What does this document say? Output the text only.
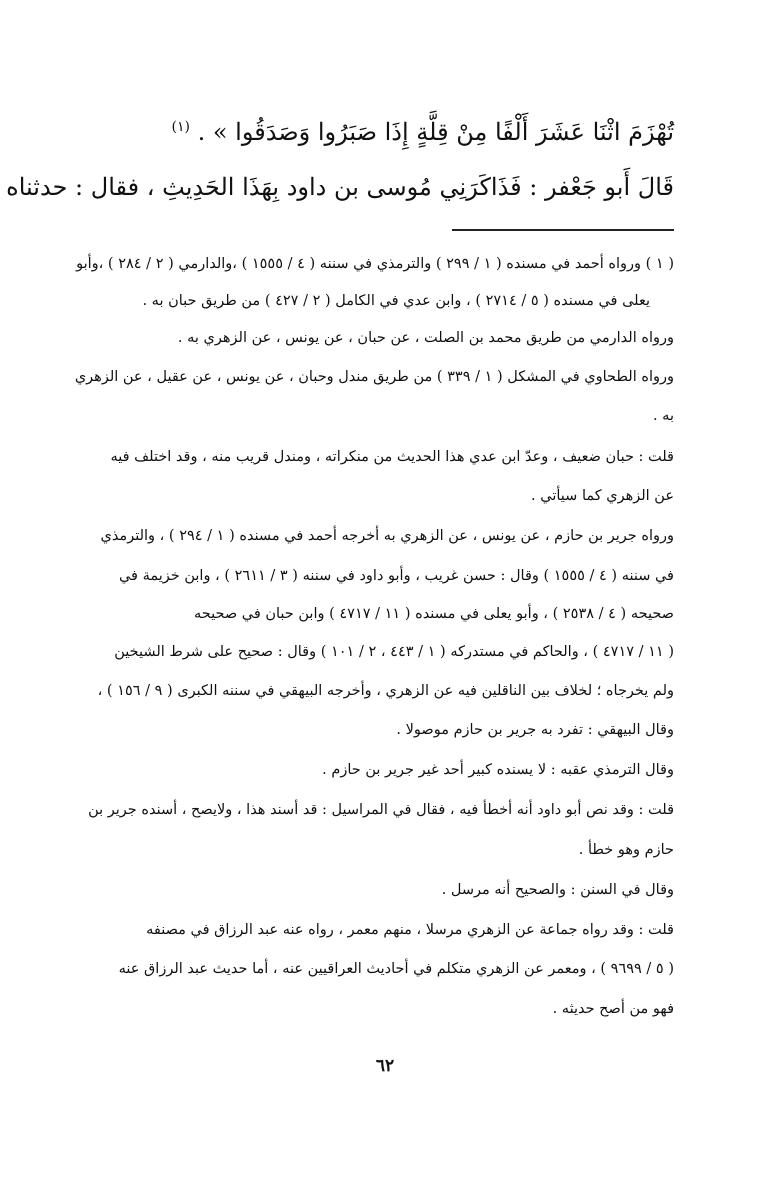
تُهْزَمَ اثْنَا عَشَرَ أَلْفًا مِنْ قِلَّةٍ إِذَا صَبَرُوا وَصَدَقُوا » . $^{(١)}$
قَالَ أَبو جَعْفر : فَذَاكَرَنِي مُوسى بن داود بِهَذَا الحَدِيثِ ، فقال : حدثناه
( ١ ) ورواه أحمد في مسنده ( ١ / ٢٩٩ ) والترمذي في سننه ( ٤ / ١٥٥٥ ) ،والدارمي ( ٢ / ٢٨٤ ) ،وأبو
يعلى في مسنده ( ٥ / ٢٧١٤ ) ، وابن عدي في الكامل ( ٢ / ٤٢٧ ) من طريق حبان به .
ورواه الدارمي من طريق محمد بن الصلت ، عن حبان ، عن يونس ، عن الزهري به .
ورواه الطحاوي في المشكل ( ١ / ٣٣٩ ) من طريق مندل وحبان ، عن يونس ، عن عقيل ، عن الزهري
به .
قلت : حبان ضعيف ، وعدّ ابن عدي هذا الحديث من منكراته ، ومندل قريب منه ، وقد اختلف فيه
عن الزهري كما سيأتي .
ورواه جرير بن حازم ، عن يونس ، عن الزهري به أخرجه أحمد في مسنده ( ١ / ٢٩٤ ) ، والترمذي
في سننه ( ٤ / ١٥٥٥ ) وقال : حسن غريب ، وأبو داود في سننه ( ٣ / ٢٦١١ ) ، وابن خزيمة في
صحيحه ( ٤ / ٢٥٣٨ ) ، وأبو يعلى في مسنده ( ١١ / ٤٧١٧ ) وابن حبان في صحيحه
( ١١ / ٤٧١٧ ) ، والحاكم في مستدركه ( ١ / ٤٤٣ ، ٢ / ١٠١ ) وقال : صحيح على شرط الشيخين
ولم يخرجاه ؛ لخلاف بين الناقلين فيه عن الزهري ، وأخرجه البيهقي في سننه الكبرى ( ٩ / ١٥٦ ) ،
وقال البيهقي : تفرد به جرير بن حازم موصولا .
وقال الترمذي عقبه : لا يسنده كبير أحد غير جرير بن حازم .
قلت : وقد نص أبو داود أنه أخطأ فيه ، فقال في المراسيل : قد أسند هذا ، ولايصح ، أسنده جرير بن
حازم وهو خطأ .
وقال في السنن : والصحيح أنه مرسل .
قلت : وقد رواه جماعة عن الزهري مرسلا ، منهم معمر ، رواه عنه عبد الرزاق في مصنفه
( ٥ / ٩٦٩٩ ) ، ومعمر عن الزهري متكلم في أحاديث العراقيين عنه ، أما حديث عبد الرزاق عنه
فهو من أصح حديثه .
٦٢
